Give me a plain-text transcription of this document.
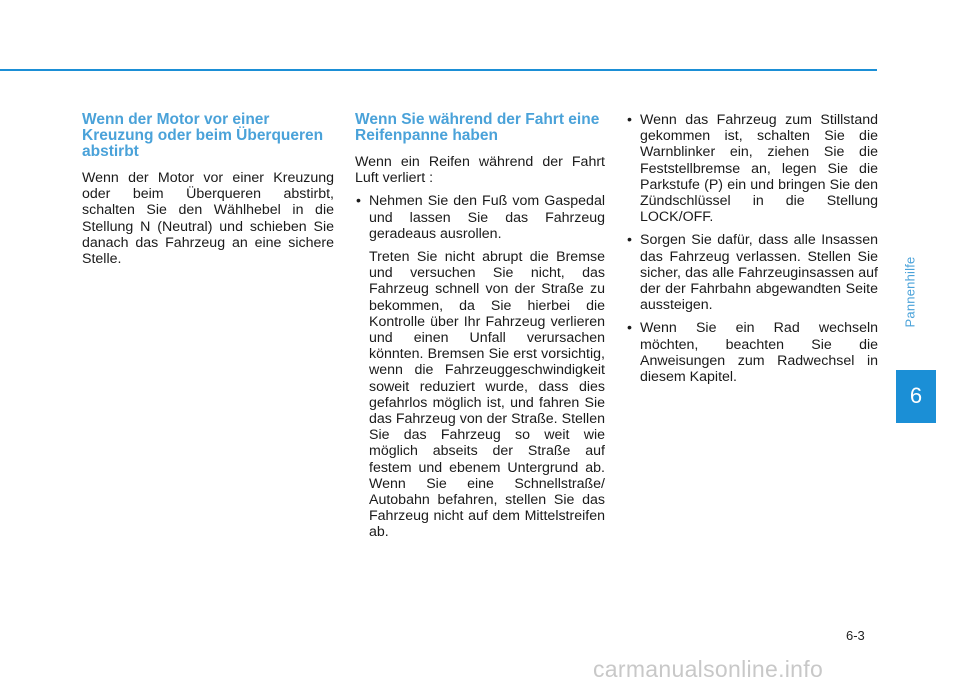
Wenn der Motor vor einer Kreuzung oder beim Überqueren abstirbt

Wenn der Motor vor einer Kreuzung oder beim Überqueren abstirbt, schalten Sie den Wählhebel in die Stellung N (Neutral) und schieben Sie danach das Fahrzeug an eine sichere Stelle.

Wenn Sie während der Fahrt eine Reifenpanne haben

Wenn ein Reifen während der Fahrt Luft verliert :

• Nehmen Sie den Fuß vom Gaspedal und lassen Sie das Fahrzeug geradeaus ausrollen.

Treten Sie nicht abrupt die Bremse und versuchen Sie nicht, das Fahrzeug schnell von der Straße zu bekommen, da Sie hierbei die Kontrolle über Ihr Fahrzeug verlieren und einen Unfall verursachen könnten. Bremsen Sie erst vorsichtig, wenn die Fahrzeuggeschwindigkeit soweit reduziert wurde, dass dies gefahrlos möglich ist, und fahren Sie das Fahrzeug von der Straße. Stellen Sie das Fahrzeug so weit wie möglich abseits der Straße auf festem und ebenem Untergrund ab. Wenn Sie eine Schnellstraße/ Autobahn befahren, stellen Sie das Fahrzeug nicht auf dem Mittelstreifen ab.

• Wenn das Fahrzeug zum Stillstand gekommen ist, schalten Sie die Warnblinker ein, ziehen Sie die Feststellbremse an, legen Sie die Parkstufe (P) ein und bringen Sie den Zündschlüssel in die Stellung LOCK/OFF.

• Sorgen Sie dafür, dass alle Insassen das Fahrzeug verlassen. Stellen Sie sicher, das alle Fahrzeuginsassen auf der der Fahrbahn abgewandten Seite aussteigen.

• Wenn Sie ein Rad wechseln möchten, beachten Sie die Anweisungen zum Radwechsel in diesem Kapitel.

Pannenhilfe
6
6-3
carmanualsonline.info
